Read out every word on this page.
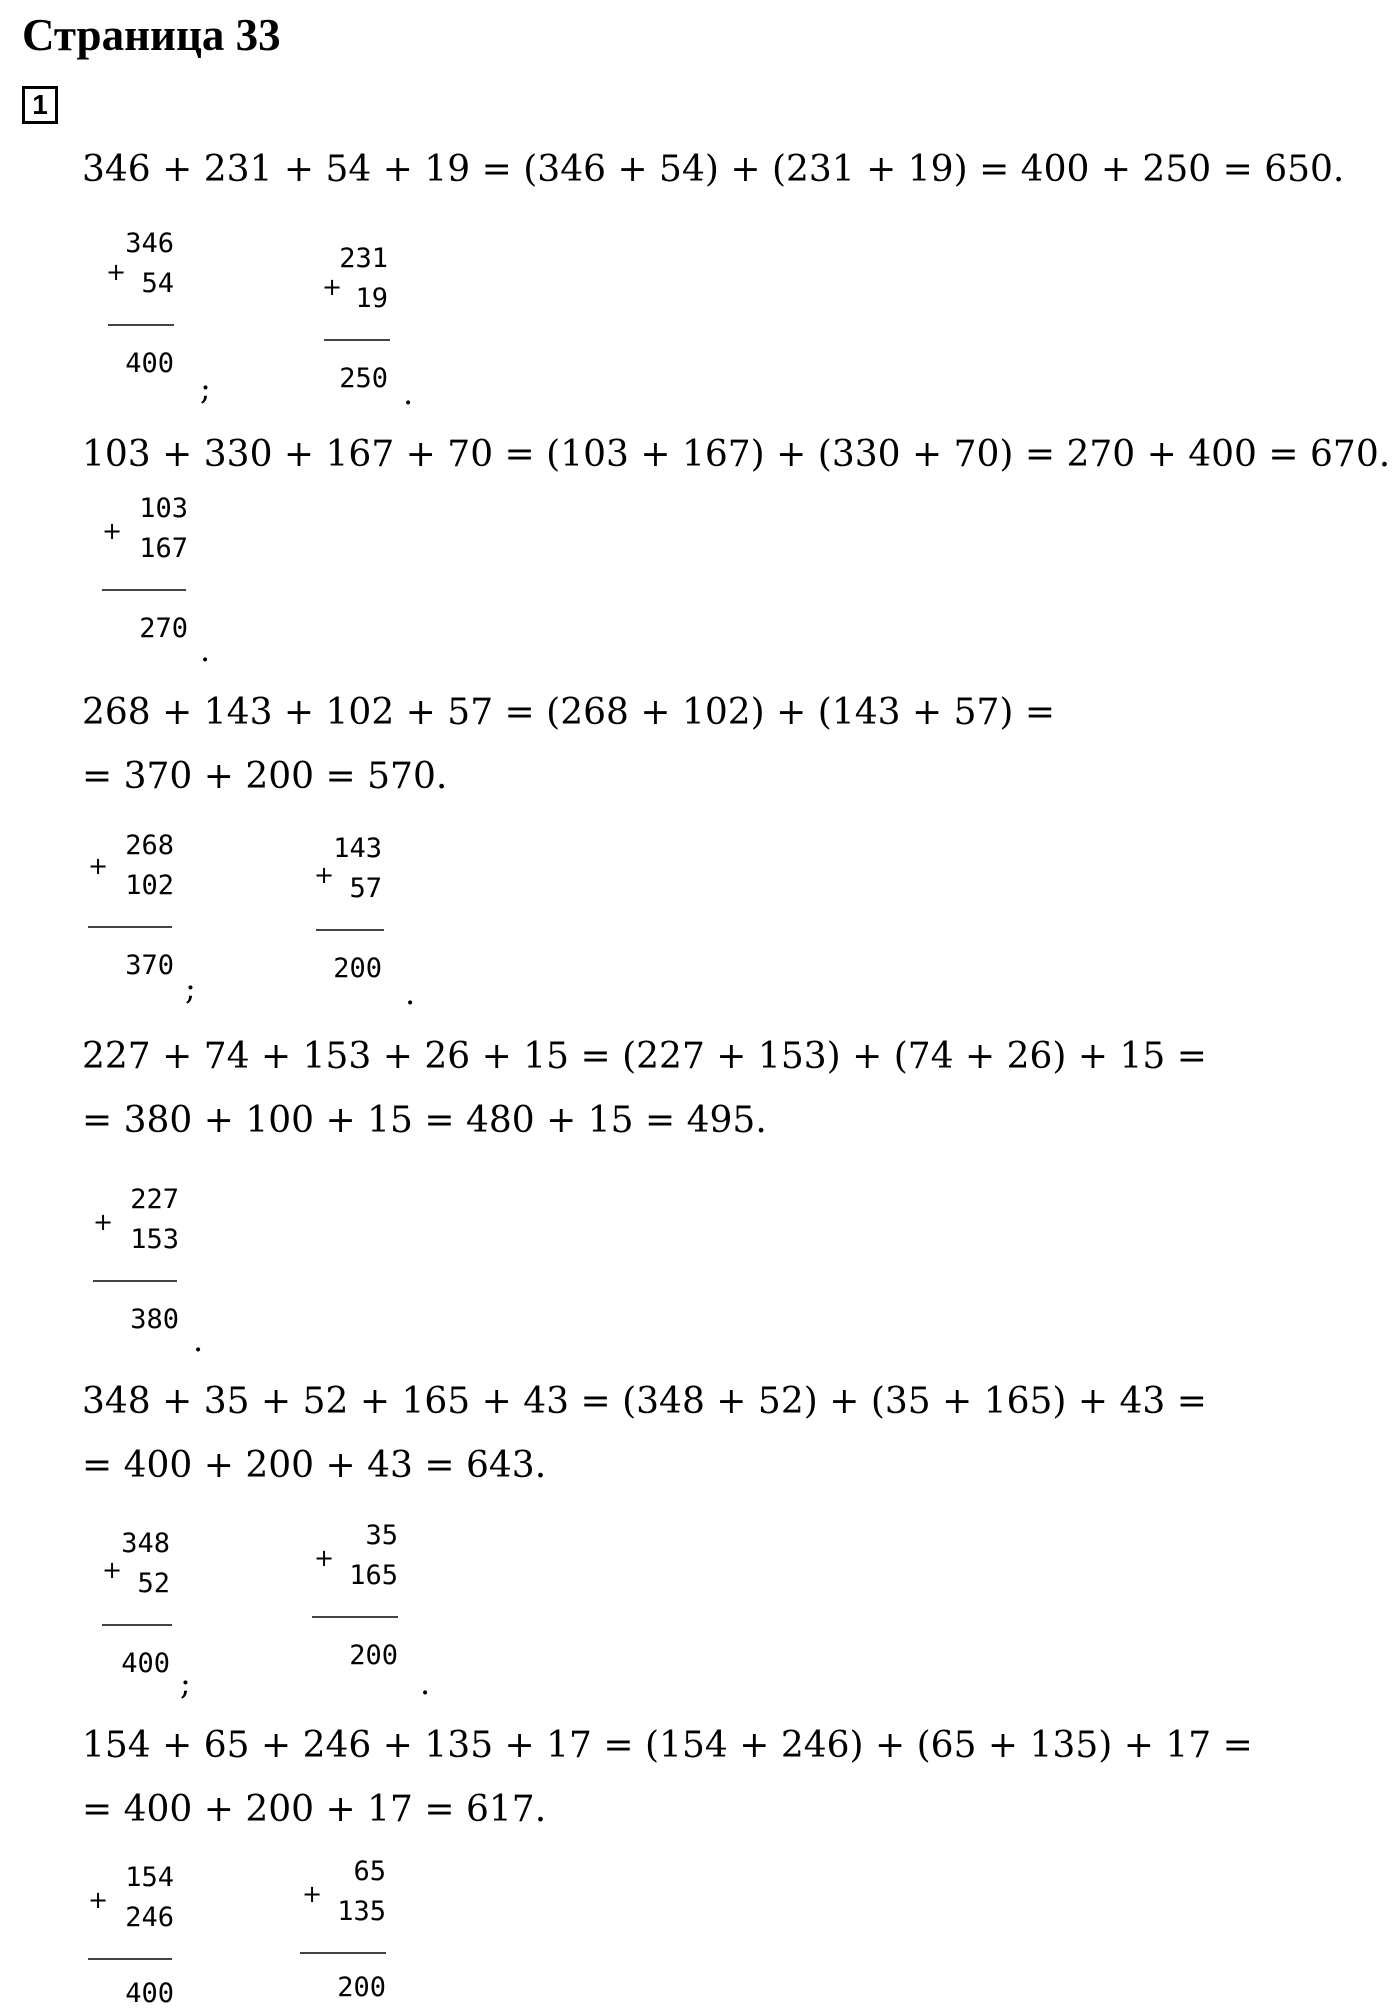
Страница 33
1
346 + 231 + 54 + 19 = (346 + 54) + (231 + 19) = 400 + 250 = 650.
103 + 330 + 167 + 70 = (103 + 167) + (330 + 70) = 270 + 400 = 670.
268 + 143 + 102 + 57 = (268 + 102) + (143 + 57) =
= 370 + 200 = 570.
227 + 74 + 153 + 26 + 15 = (227 + 153) + (74 + 26) + 15 =
= 380 + 100 + 15 = 480 + 15 = 495.
348 + 35 + 52 + 165 + 43 = (348 + 52) + (35 + 165) + 43 =
= 400 + 200 + 43 = 643.
154 + 65 + 246 + 135 + 17 = (154 + 246) + (65 + 135) + 17 =
= 400 + 200 + 17 = 617.
+
346
54
400
;
+
231
19
250 .
+
103
167
270
.
+
268
102
370
;
+
143
57
200
.
+
227
153
380
.
+
348
52
400
;
+
35
165
200
.
+
154
246
400
+
65
135
200
